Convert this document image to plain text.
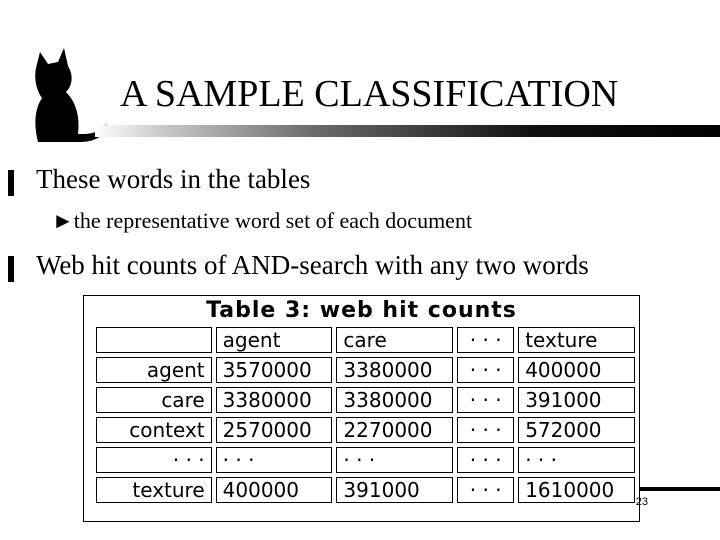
A SAMPLE CLASSIFICATION
These words in the tables
►the representative word set of each document
Web hit counts of AND-search with any two words
Table 3: web hit counts
	agent	care	· · ·	texture
agent	3570000	3380000	· · ·	400000
care	3380000	3380000	· · ·	391000
context	2570000	2270000	· · ·	572000
· · ·	· · ·	· · ·	· · ·	· · ·
texture	400000	391000	· · ·	1610000 23
